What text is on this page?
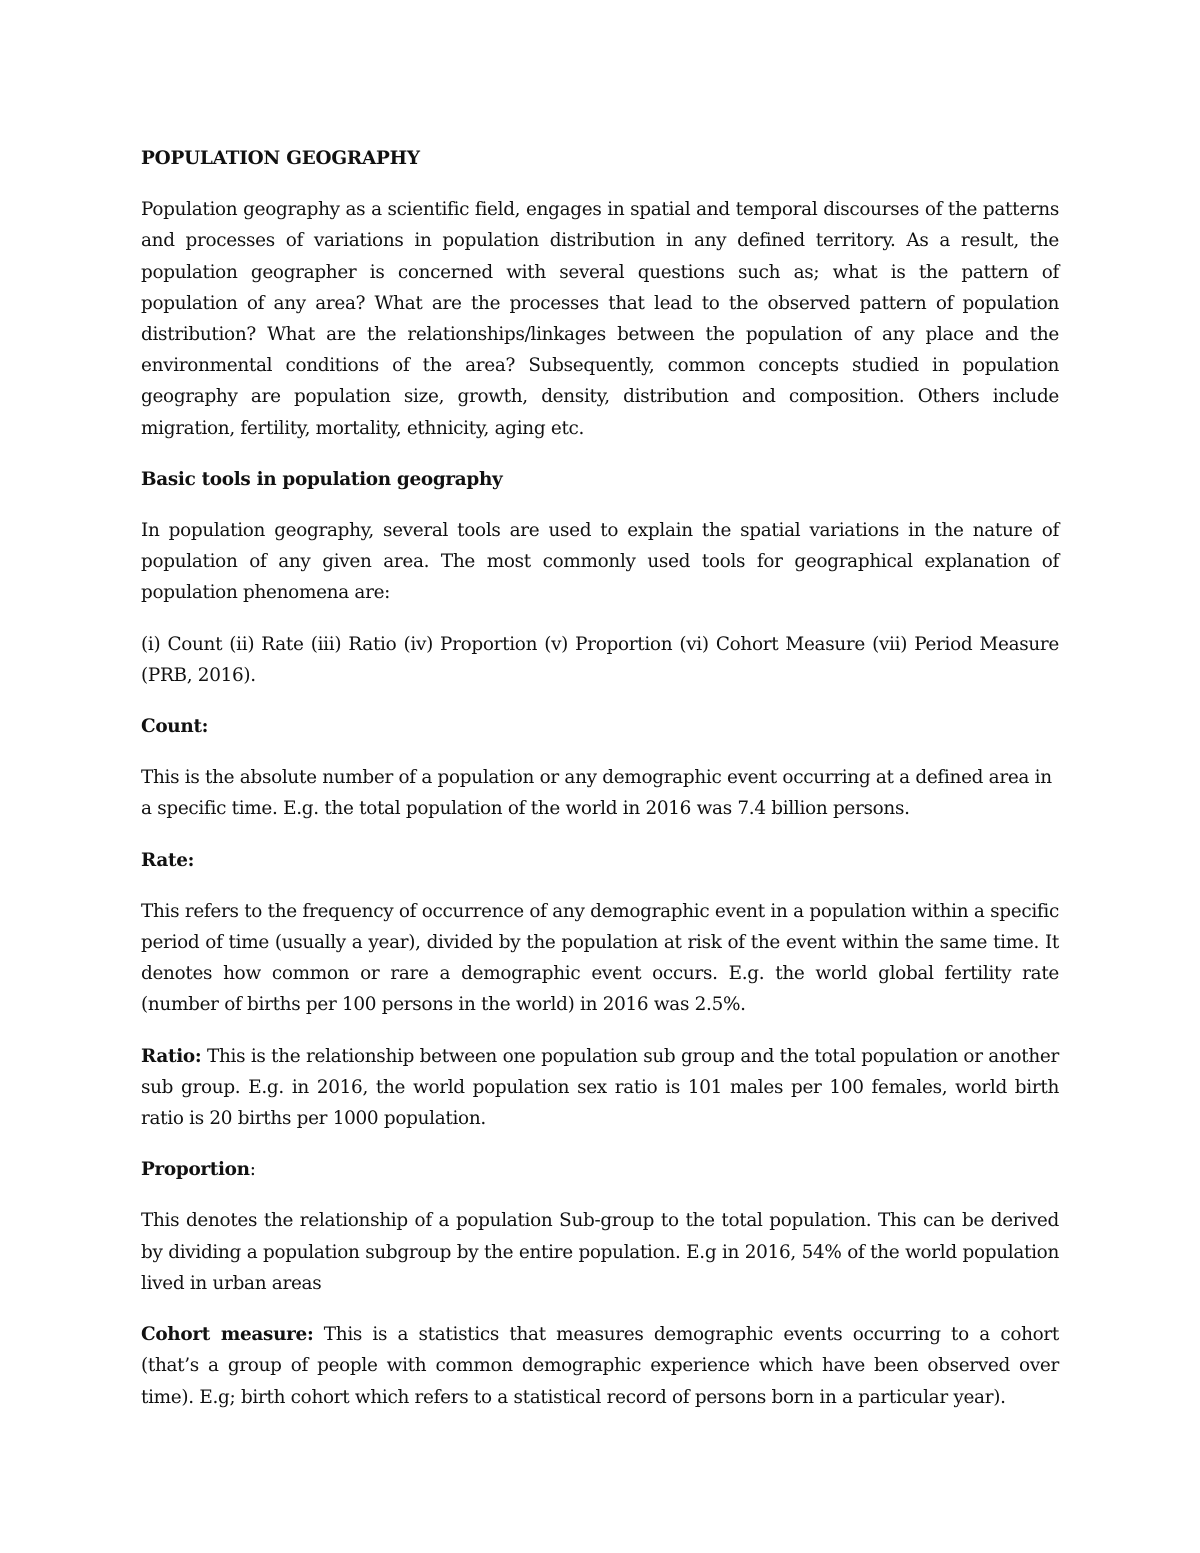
POPULATION GEOGRAPHY

Population geography as a scientific field, engages in spatial and temporal discourses of the patterns and processes of variations in population distribution in any defined territory. As a result, the population geographer is concerned with several questions such as; what is the pattern of population of any area? What are the processes that lead to the observed pattern of population distribution? What are the relationships/linkages between the population of any place and the environmental conditions of the area? Subsequently, common concepts studied in population geography are population size, growth, density, distribution and composition. Others include migration, fertility, mortality, ethnicity, aging etc.

Basic tools in population geography

In population geography, several tools are used to explain the spatial variations in the nature of population of any given area. The most commonly used tools for geographical explanation of population phenomena are:

(i) Count (ii) Rate (iii) Ratio (iv) Proportion (v) Proportion (vi) Cohort Measure (vii) Period Measure (PRB, 2016).

Count:

This is the absolute number of a population or any demographic event occurring at a defined area in a specific time. E.g. the total population of the world in 2016 was 7.4 billion persons.

Rate:

This refers to the frequency of occurrence of any demographic event in a population within a specific period of time (usually a year), divided by the population at risk of the event within the same time. It denotes how common or rare a demographic event occurs. E.g. the world global fertility rate (number of births per 100 persons in the world) in 2016 was 2.5%.

Ratio: This is the relationship between one population sub group and the total population or another sub group. E.g. in 2016, the world population sex ratio is 101 males per 100 females, world birth ratio is 20 births per 1000 population.

Proportion:

This denotes the relationship of a population Sub-group to the total population. This can be derived by dividing a population subgroup by the entire population. E.g in 2016, 54% of the world population lived in urban areas

Cohort measure: This is a statistics that measures demographic events occurring to a cohort (that’s a group of people with common demographic experience which have been observed over time). E.g; birth cohort which refers to a statistical record of persons born in a particular year).
